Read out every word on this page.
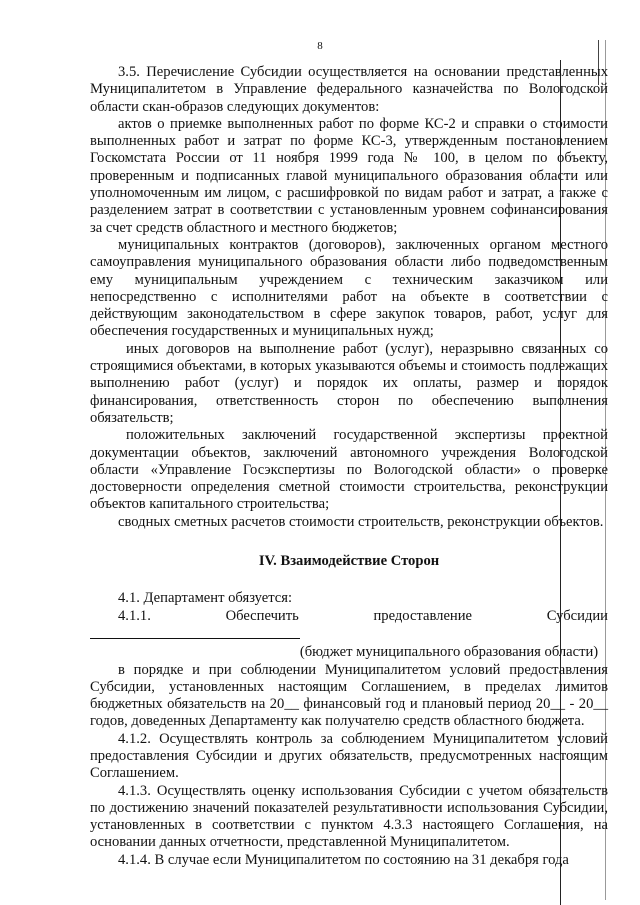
8

3.5. Перечисление Субсидии осуществляется на основании представленных Муниципалитетом в Управление федерального казначейства по Вологодской области скан-образов следующих документов:

актов о приемке выполненных работ по форме КС-2 и справки о стоимости выполненных работ и затрат по форме КС-3, утвержденным постановлением Госкомстата России от 11 ноября 1999 года № 100, в целом по объекту, проверенным и подписанных главой муниципального образования области или уполномоченным им лицом, с расшифровкой по видам работ и затрат, а также с разделением затрат в соответствии с установленным уровнем софинансирования за счет средств областного и местного бюджетов;

муниципальных контрактов (договоров), заключенных органом местного самоуправления муниципального образования области либо подведомственным ему муниципальным учреждением с техническим заказчиком или непосредственно с исполнителями работ на объекте в соответствии с действующим законодательством в сфере закупок товаров, работ, услуг для обеспечения государственных и муниципальных нужд;

иных договоров на выполнение работ (услуг), неразрывно связанных со строящимися объектами, в которых указываются объемы и стоимость подлежащих выполнению работ (услуг) и порядок их оплаты, размер и порядок финансирования, ответственность сторон по обеспечению выполнения обязательств;

положительных заключений государственной экспертизы проектной документации объектов, заключений автономного учреждения Вологодской области «Управление Госэкспертизы по Вологодской области» о проверке достоверности определения сметной стоимости строительства, реконструкции объектов капитального строительства;

сводных сметных расчетов стоимости строительств, реконструкции объектов.

IV. Взаимодействие Сторон

4.1. Департамент обязуется:

4.1.1. Обеспечить предоставление Субсидии

(бюджет муниципального образования области)

в порядке и при соблюдении Муниципалитетом условий предоставления Субсидии, установленных настоящим Соглашением, в пределах лимитов бюджетных обязательств на 20__ финансовый год и плановый период 20__ - 20__ годов, доведенных Департаменту как получателю средств областного бюджета.

4.1.2. Осуществлять контроль за соблюдением Муниципалитетом условий предоставления Субсидии и других обязательств, предусмотренных настоящим Соглашением.

4.1.3. Осуществлять оценку использования Субсидии с учетом обязательств по достижению значений показателей результативности использования Субсидии, установленных в соответствии с пунктом 4.3.3 настоящего Соглашения, на основании данных отчетности, представленной Муниципалитетом.

4.1.4. В случае если Муниципалитетом по состоянию на 31 декабря года
